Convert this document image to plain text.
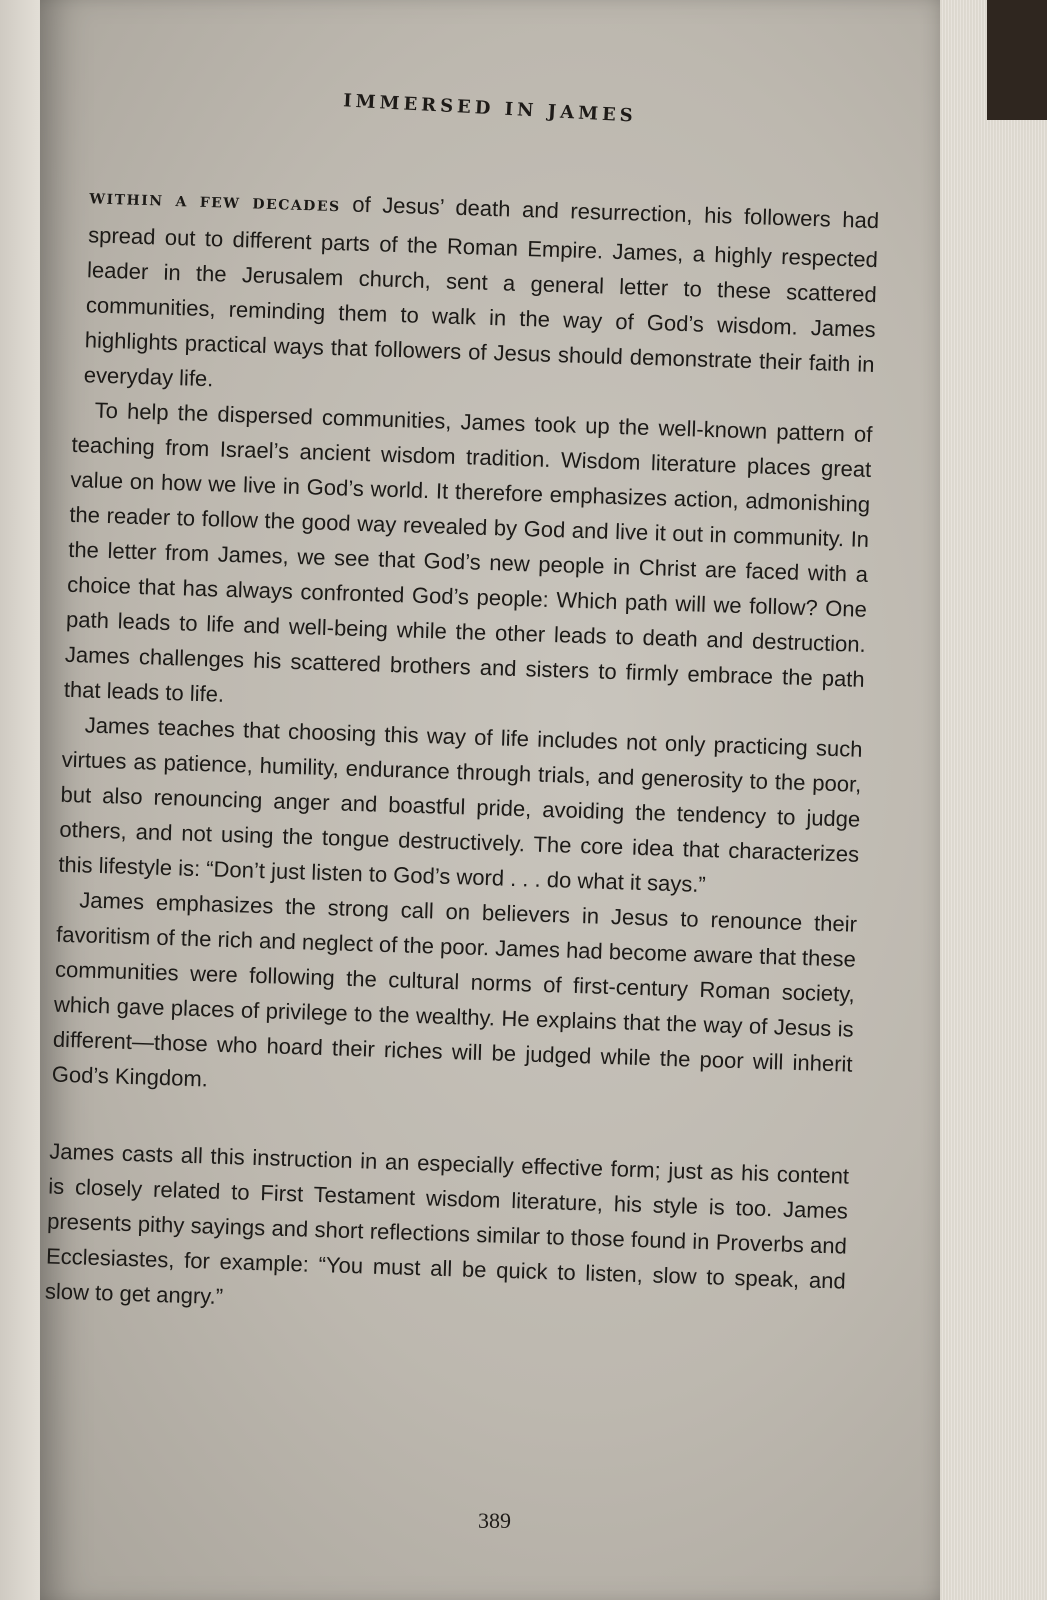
IMMERSED IN JAMES

WITHIN A FEW DECADES of Jesus’ death and resurrection, his followers had spread out to different parts of the Roman Empire. James, a highly respected leader in the Jerusalem church, sent a general letter to these scattered communities, reminding them to walk in the way of God’s wisdom. James highlights practical ways that followers of Jesus should demonstrate their faith in everyday life.

To help the dispersed communities, James took up the well-known pattern of teaching from Israel’s ancient wisdom tradition. Wisdom literature places great value on how we live in God’s world. It therefore emphasizes action, admonishing the reader to follow the good way revealed by God and live it out in community. In the letter from James, we see that God’s new people in Christ are faced with a choice that has always confronted God’s people: Which path will we follow? One path leads to life and well-being while the other leads to death and destruction. James challenges his scattered brothers and sisters to firmly embrace the path that leads to life.

James teaches that choosing this way of life includes not only practicing such virtues as patience, humility, endurance through trials, and generosity to the poor, but also renouncing anger and boastful pride, avoiding the tendency to judge others, and not using the tongue destructively. The core idea that characterizes this lifestyle is: “Don’t just listen to God’s word . . . do what it says.”

James emphasizes the strong call on believers in Jesus to renounce their favoritism of the rich and neglect of the poor. James had become aware that these communities were following the cultural norms of first-century Roman society, which gave places of privilege to the wealthy. He explains that the way of Jesus is different—those who hoard their riches will be judged while the poor will inherit God’s Kingdom.

James casts all this instruction in an especially effective form; just as his content is closely related to First Testament wisdom literature, his style is too. James presents pithy sayings and short reflections similar to those found in Proverbs and Ecclesiastes, for example: “You must all be quick to listen, slow to speak, and slow to get angry.”

389
